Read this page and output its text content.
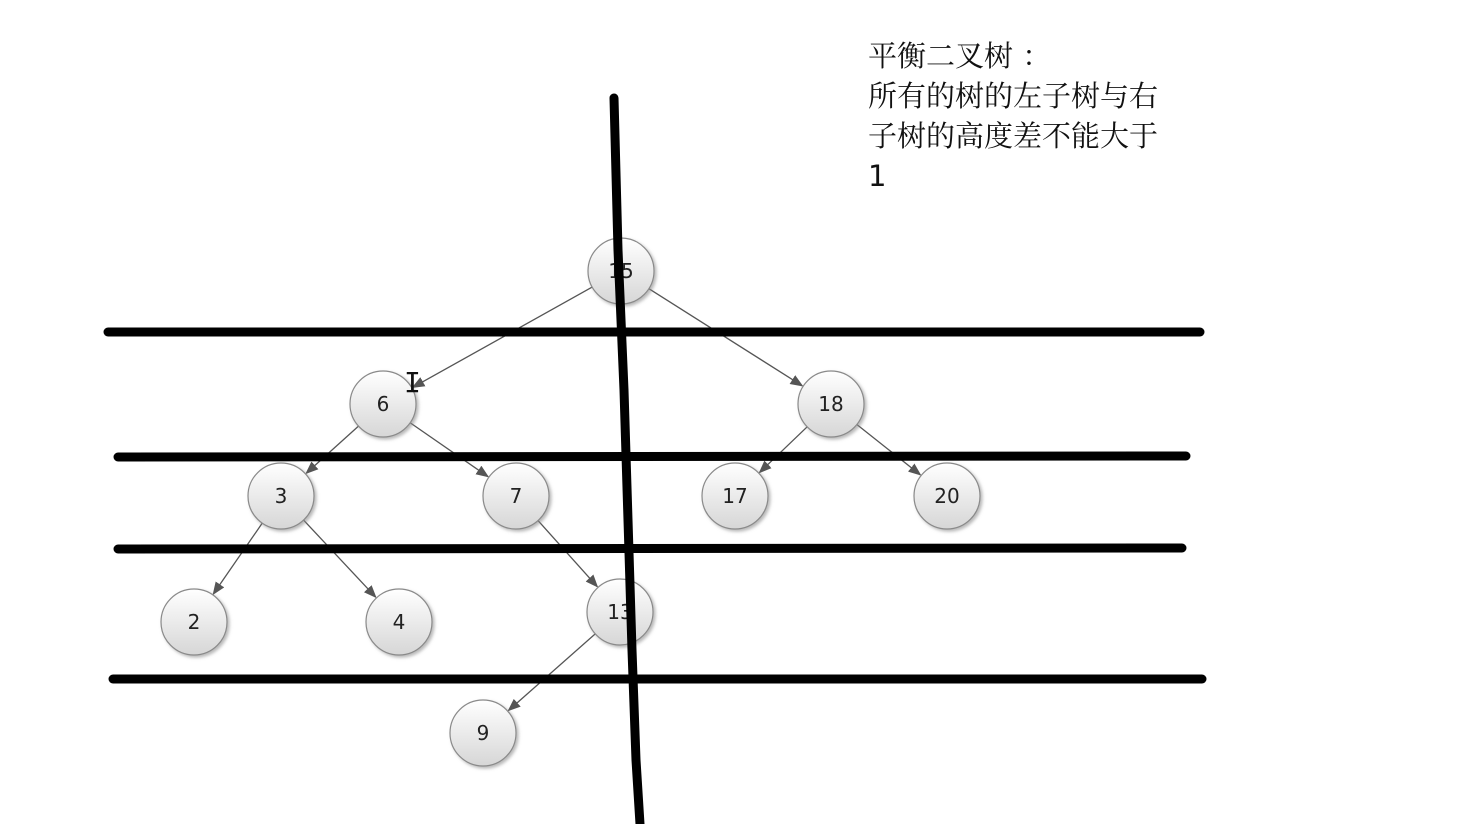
平衡二叉树 ：
所有的树的左子树与右
子树的高度差不能大于
1
15
6	18
3	7	17	20
2	4	13
9
I
